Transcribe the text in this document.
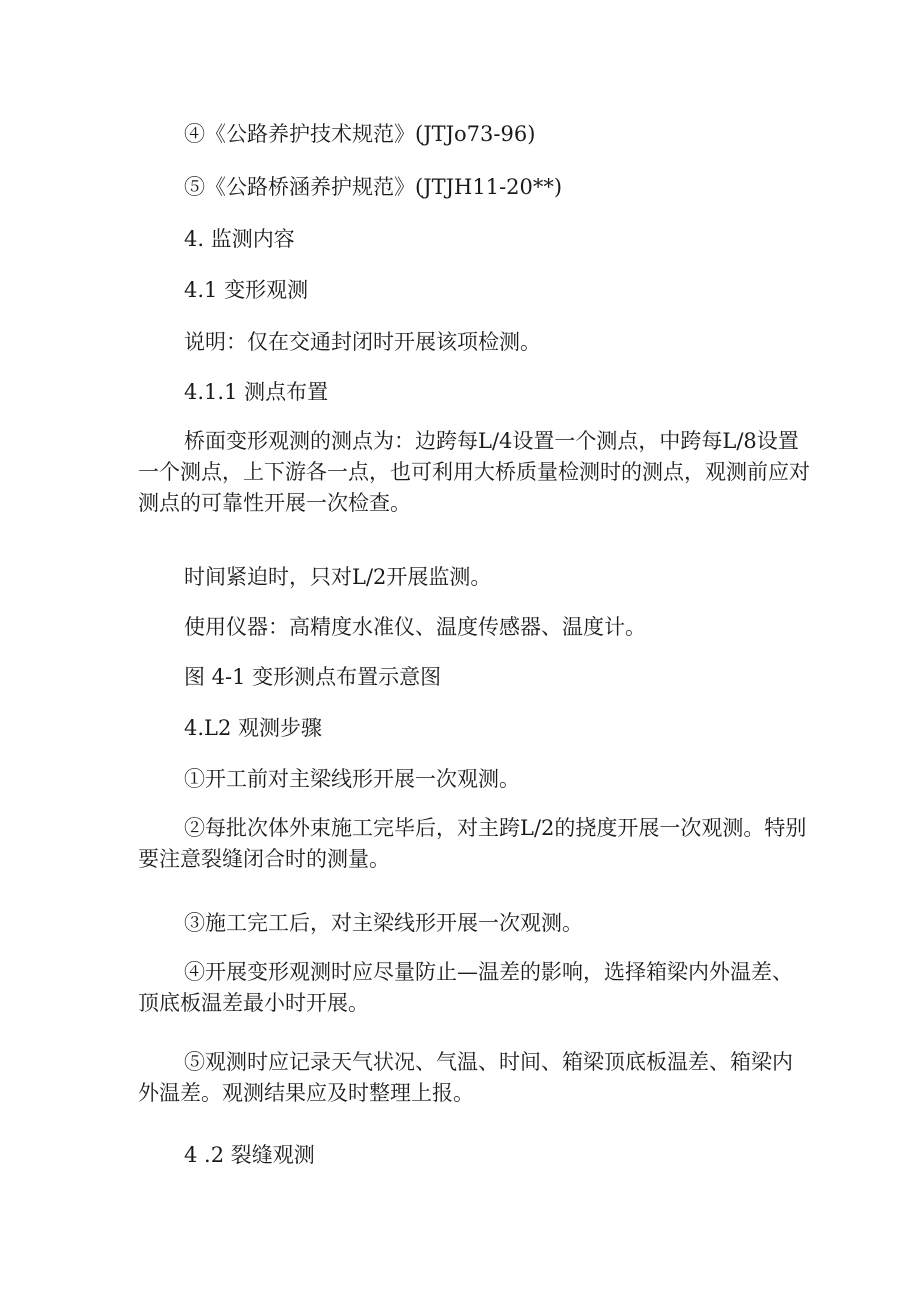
④《公路养护技术规范》(JTJo73-96)

⑤《公路桥涵养护规范》(JTJH11-20**)

4. 监测内容

4.1 变形观测

说明：仅在交通封闭时开展该项检测。

4.1.1 测点布置

桥面变形观测的测点为：边跨每L/4设置一个测点，中跨每L/8设置一个测点，上下游各一点，也可利用大桥质量检测时的测点，观测前应对测点的可靠性开展一次检查。

时间紧迫时，只对L/2开展监测。

使用仪器：高精度水准仪、温度传感器、温度计。

图 4-1 变形测点布置示意图

4.L2 观测步骤

①开工前对主梁线形开展一次观测。

②每批次体外束施工完毕后，对主跨L/2的挠度开展一次观测。特别要注意裂缝闭合时的测量。

③施工完工后，对主梁线形开展一次观测。

④开展变形观测时应尽量防止—温差的影响，选择箱梁内外温差、顶底板温差最小时开展。

⑤观测时应记录天气状况、气温、时间、箱梁顶底板温差、箱梁内外温差。观测结果应及时整理上报。

4 .2 裂缝观测
